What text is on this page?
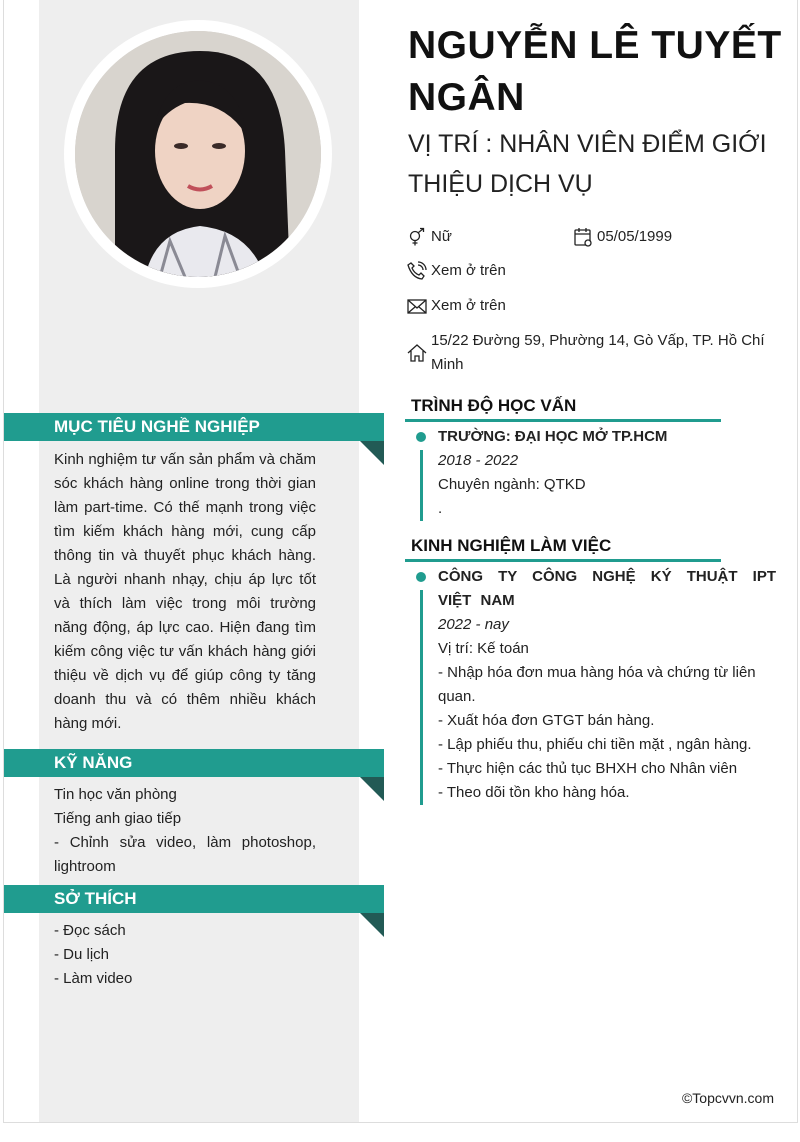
MỤC TIÊU NGHỀ NGHIỆP
Kinh nghiệm tư vấn sản phẩm và chăm sóc khách hàng online trong thời gian làm part-time. Có thế mạnh trong việc tìm kiếm khách hàng mới, cung cấp thông tin và thuyết phục khách hàng. Là người nhanh nhạy, chịu áp lực tốt và thích làm việc trong môi trường năng động, áp lực cao. Hiện đang tìm kiếm công việc tư vấn khách hàng giới thiệu về dịch vụ để giúp công ty tăng doanh thu và có thêm nhiều khách hàng mới.
KỸ NĂNG
Tin học văn phòng
Tiếng anh giao tiếp
- Chỉnh sửa video, làm photoshop, lightroom
SỞ THÍCH
- Đọc sách
- Du lịch
- Làm video
NGUYỄN LÊ TUYẾT NGÂN
VỊ TRÍ : NHÂN VIÊN ĐIỂM GIỚI THIỆU DỊCH VỤ
Nữ	05/05/1999
Xem ở trên
Xem ở trên
15/22 Đường 59, Phường 14, Gò Vấp, TP. Hồ Chí Minh
TRÌNH ĐỘ HỌC VẤN
TRƯỜNG: ĐẠI HỌC MỞ TP.HCM
2018 - 2022
Chuyên ngành: QTKD
.
KINH NGHIỆM LÀM VIỆC
CÔNG TY CÔNG NGHỆ KÝ THUẬT IPT VIỆT NAM
2022 - nay
Vị trí: Kế toán
- Nhập hóa đơn mua hàng hóa và chứng từ liên quan.
- Xuất hóa đơn GTGT bán hàng.
- Lập phiếu thu, phiếu chi tiền mặt , ngân hàng.
- Thực hiện các thủ tục BHXH cho Nhân viên
- Theo dõi tồn kho hàng hóa.
©Topcvvn.com
